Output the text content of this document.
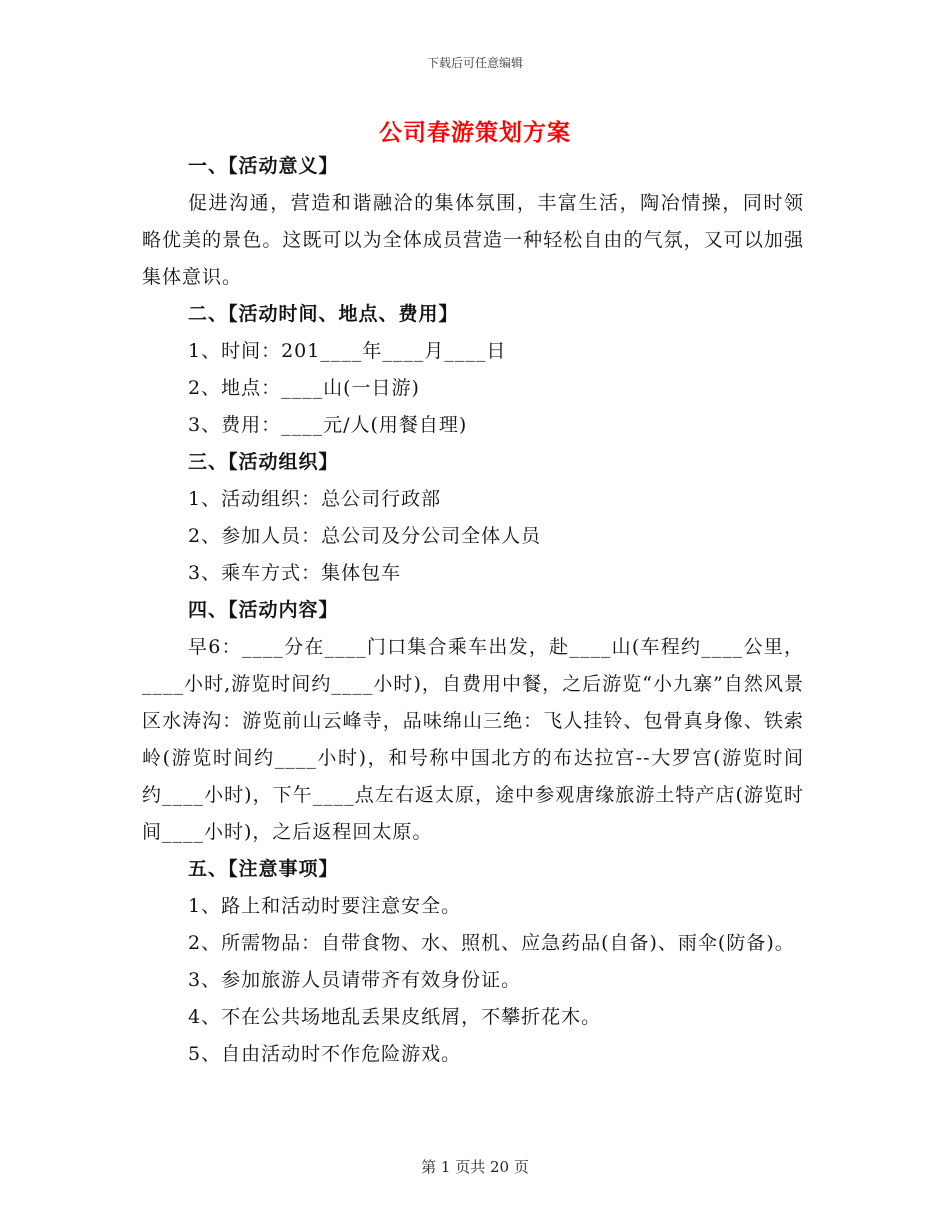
下载后可任意编辑
公司春游策划方案
一、【活动意义】

促进沟通，营造和谐融洽的集体氛围，丰富生活，陶冶情操，同时领略优美的景色。这既可以为全体成员营造一种轻松自由的气氛，又可以加强集体意识。

二、【活动时间、地点、费用】
1、时间：201____年____月____日
2、地点：____山(一日游)
3、费用：____元/人(用餐自理)
三、【活动组织】
1、活动组织：总公司行政部
2、参加人员：总公司及分公司全体人员
3、乘车方式：集体包车
四、【活动内容】

早6：____分在____门口集合乘车出发，赴____山(车程约____公里，____小时,游览时间约____小时)，自费用中餐，之后游览“小九寨”自然风景区水涛沟：游览前山云峰寺，品味绵山三绝：飞人挂铃、包骨真身像、铁索岭(游览时间约____小时)，和号称中国北方的布达拉宫--大罗宫(游览时间约____小时)，下午____点左右返太原，途中参观唐缘旅游土特产店(游览时间____小时)，之后返程回太原。

五、【注意事项】
1、路上和活动时要注意安全。

2、所需物品：自带食物、水、照机、应急药品(自备)、雨伞(防备)。

3、参加旅游人员请带齐有效身份证。
4、不在公共场地乱丢果皮纸屑，不攀折花木。
5、自由活动时不作危险游戏。
第 1 页共 20 页
